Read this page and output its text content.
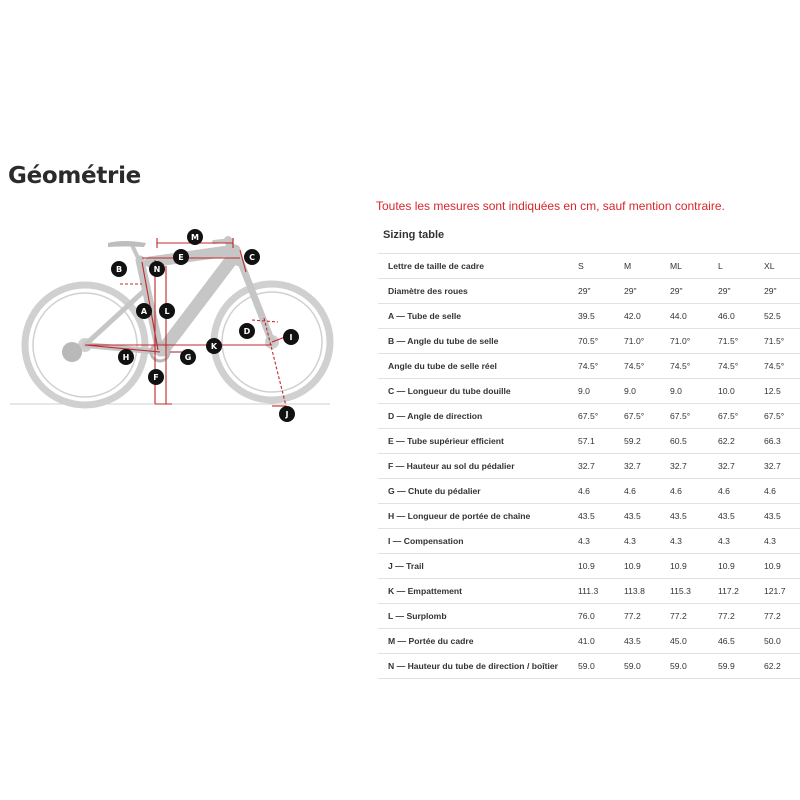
Géométrie
Toutes les mesures sont indiquées en cm, sauf mention contraire.
M
E	C
B	N
A L
D
I
H
K
G
F
J
Sizing table
Lettre de taille de cadre	S	M	ML	L	XL
Diamètre des roues	29"	29"	29"	29"	29"
A — Tube de selle	39.5	42.0	44.0	46.0	52.5
B — Angle du tube de selle	70.5°	71.0°	71.0°	71.5°	71.5°
Angle du tube de selle réel	74.5°	74.5°	74.5°	74.5°	74.5°
C — Longueur du tube douille	9.0	9.0	9.0	10.0	12.5
D — Angle de direction	67.5°	67.5°	67.5°	67.5°	67.5°
E — Tube supérieur efficient	57.1	59.2	60.5	62.2	66.3
F — Hauteur au sol du pédalier	32.7	32.7	32.7	32.7	32.7
G — Chute du pédalier	4.6	4.6	4.6	4.6	4.6
H — Longueur de portée de chaîne	43.5	43.5	43.5	43.5	43.5
I — Compensation	4.3	4.3	4.3	4.3	4.3
J — Trail	10.9	10.9	10.9	10.9	10.9
K — Empattement	111.3	113.8	115.3	117.2	121.7
L — Surplomb	76.0	77.2	77.2	77.2	77.2
M — Portée du cadre	41.0	43.5	45.0	46.5	50.0
N — Hauteur du tube de direction / boîtier	59.0	59.0	59.0	59.9	62.2
